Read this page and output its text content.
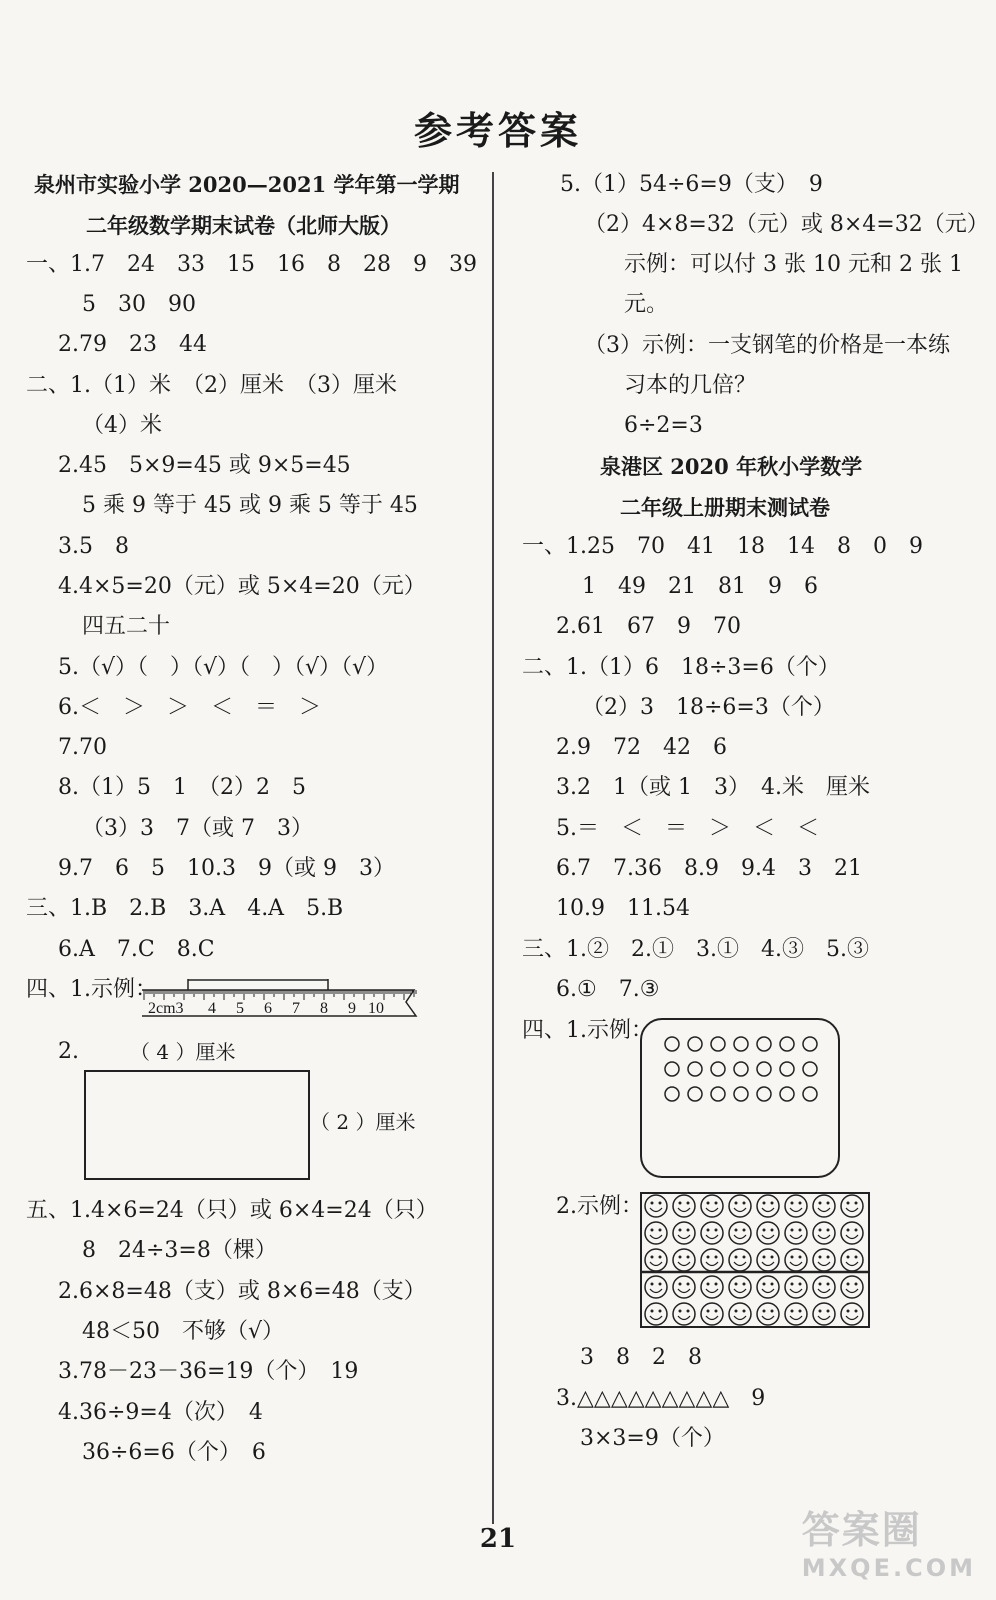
参考答案
泉州市实验小学 2020—2021 学年第一学期
二年级数学期末试卷（北师大版）
一、1.7　24　33　15　16　8　28　9　39
5　30　90
2.79　23　44
二、1.（1）米　（2）厘米　（3）厘米
（4）米
2.45　5×9=45 或 9×5=45
5 乘 9 等于 45 或 9 乘 5 等于 45
3.5　8
4.4×5=20（元）或 5×4=20（元）
四五二十
5.（√）（　）（√）（　）（√）（√）
6.＜　＞　＞　＜　＝　＞
7.70
8.（1）5　1　（2）2　5
（3）3　7（或 7　3）
9.7　6　5　10.3　9（或 9　3）
三、1.B　2.B　3.A　4.A　5.B
6.A　7.C　8.C
四、1.示例：
2cm3 4 5 6 7 8 9 10
2.	（ 4 ）厘米
（ 2 ）厘米
五、1.4×6=24（只）或 6×4=24（只）
8　24÷3=8（棵）
2.6×8=48（支）或 8×6=48（支）
48＜50　不够（√）
3.78－23－36=19（个）　19
4.36÷9=4（次）　4
36÷6=6（个）　6
5.（1）54÷6=9（支）　9
（2）4×8=32（元）或 8×4=32（元）
示例：可以付 3 张 10 元和 2 张 1
元。
（3）示例：一支钢笔的价格是一本练
习本的几倍？
6÷2=3
泉港区 2020 年秋小学数学
二年级上册期末测试卷
一、1.25　70　41　18　14　8　0　9
1　49　21　81　9　6
2.61　67　9　70
二、1.（1）6　18÷3=6（个）
（2）3　18÷6=3（个）
2.9　72　42　6
3.2　1（或 1　3）　4.米　厘米
5.＝　＜　＝　＞　＜　＜
6.7　7.36　8.9　9.4　3　21
10.9　11.54
三、1.②　2.①　3.①　4.③　5.③
6.①　7.③
四、1.示例：
2.示例：
3　8　2　8
3.△△△△△△△△△　9
3×3=9（个）
21	答案圈
MXQE.COM
